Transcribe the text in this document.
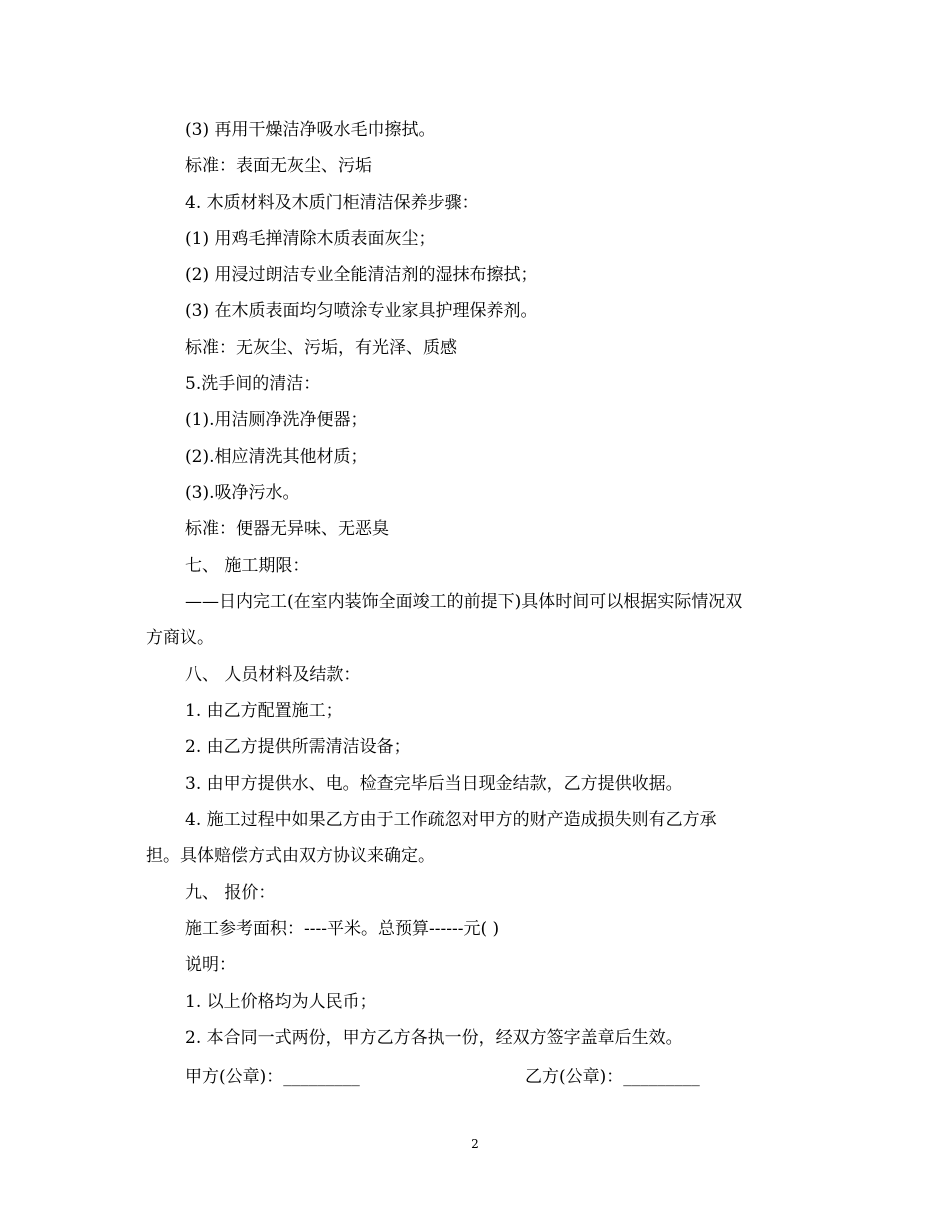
(3) 再用干燥洁净吸水毛巾擦拭。
标准：表面无灰尘、污垢
4. 木质材料及木质门柜清洁保养步骤：
(1) 用鸡毛掸清除木质表面灰尘；
(2) 用浸过朗洁专业全能清洁剂的湿抹布擦拭；
(3) 在木质表面均匀喷涂专业家具护理保养剂。
标准：无灰尘、污垢，有光泽、质感
5.洗手间的清洁：
(1).用洁厕净洗净便器；
(2).相应清洗其他材质；
(3).吸净污水。
标准：便器无异味、无恶臭
七、 施工期限：
——日内完工(在室内装饰全面竣工的前提下)具体时间可以根据实际情况双
方商议。
八、 人员材料及结款：
1. 由乙方配置施工；
2. 由乙方提供所需清洁设备；
3. 由甲方提供水、电。检查完毕后当日现金结款，乙方提供收据。
4. 施工过程中如果乙方由于工作疏忽对甲方的财产造成损失则有乙方承
担。具体赔偿方式由双方协议来确定。
九、 报价：
施工参考面积：----平米。总预算------元( )
说明：
1. 以上价格均为人民币；
2. 本合同一式两份，甲方乙方各执一份，经双方签字盖章后生效。
甲方(公章)：_________	乙方(公章)：_________
2
